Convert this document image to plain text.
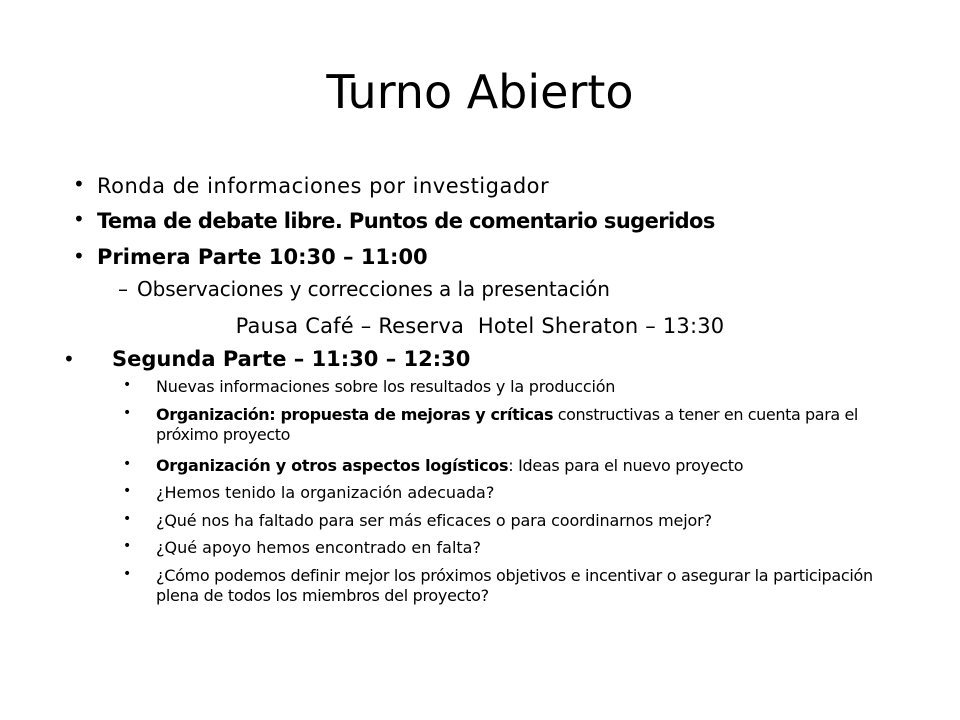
Turno Abierto
• Ronda de informaciones por investigador
• Tema de debate libre. Puntos de comentario sugeridos
• Primera Parte 10:30 – 11:00
– Observaciones y correcciones a la presentación
Pausa Café – Reserva  Hotel Sheraton – 13:30
• Segunda Parte – 11:30 – 12:30
• Nuevas informaciones sobre los resultados y la producción
• Organización: propuesta de mejoras y críticas constructivas a tener en cuenta para el próximo proyecto
• Organización y otros aspectos logísticos: Ideas para el nuevo proyecto
• ¿Hemos tenido la organización adecuada?
• ¿Qué nos ha faltado para ser más eficaces o para coordinarnos mejor?
• ¿Qué apoyo hemos encontrado en falta?
• ¿Cómo podemos definir mejor los próximos objetivos e incentivar o asegurar la participación plena de todos los miembros del proyecto?
